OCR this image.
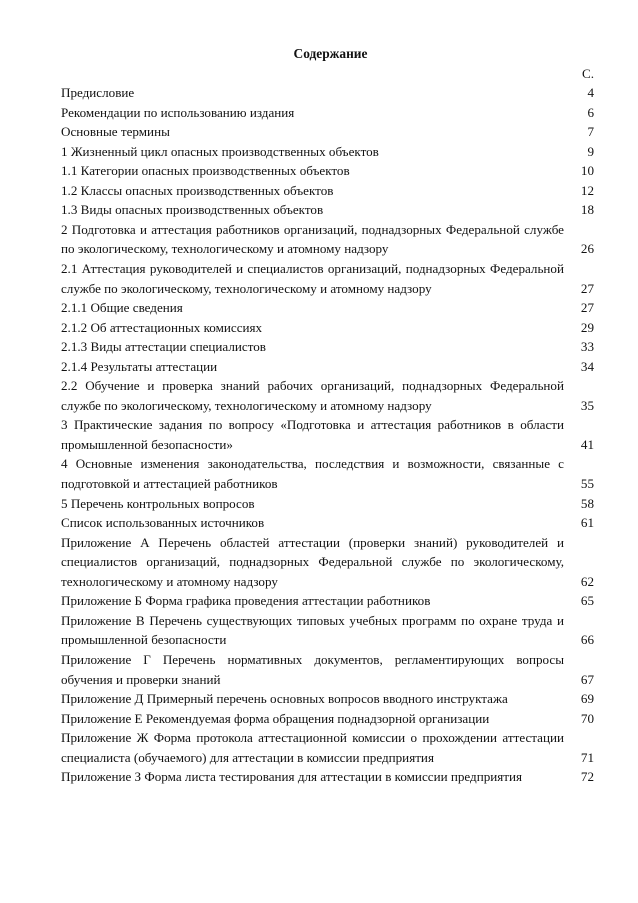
Содержание
С.
Предисловие	4
Рекомендации по использованию издания	6
Основные термины	7
1 Жизненный цикл опасных производственных объектов	9
1.1 Категории опасных производственных объектов	10
1.2 Классы опасных производственных объектов	12
1.3 Виды опасных производственных объектов	18
2 Подготовка и аттестация работников организаций, поднадзорных Федеральной службе по экологическому, технологическому и атомному надзору	26
2.1 Аттестация руководителей и специалистов организаций, поднадзорных Федеральной службе по экологическому, технологическому и атомному надзору	27
2.1.1 Общие сведения	27
2.1.2 Об аттестационных комиссиях	29
2.1.3 Виды аттестации специалистов	33
2.1.4 Результаты аттестации	34
2.2 Обучение и проверка знаний рабочих организаций, поднадзорных Федеральной службе по экологическому, технологическому и атомному надзору	35
3 Практические задания по вопросу «Подготовка и аттестация работников в области промышленной безопасности»	41
4 Основные изменения законодательства, последствия и возможности, связанные с подготовкой и аттестацией работников	55
5 Перечень контрольных вопросов	58
Список использованных источников	61
Приложение А Перечень областей аттестации (проверки знаний) руководителей и специалистов организаций, поднадзорных Федеральной службе по экологическому, технологическому и атомному надзору	62
Приложение Б Форма графика проведения аттестации работников	65
Приложение В Перечень существующих типовых учебных программ по охране труда и промышленной безопасности	66
Приложение Г Перечень нормативных документов, регламентирующих вопросы обучения и проверки знаний	67
Приложение Д Примерный перечень основных вопросов вводного инструктажа	69
Приложение Е Рекомендуемая форма обращения поднадзорной организации	70
Приложение Ж Форма протокола аттестационной комиссии о прохождении аттестации специалиста (обучаемого) для аттестации в комиссии предприятия	71
Приложение З Форма листа тестирования для аттестации в комиссии предприятия	72
